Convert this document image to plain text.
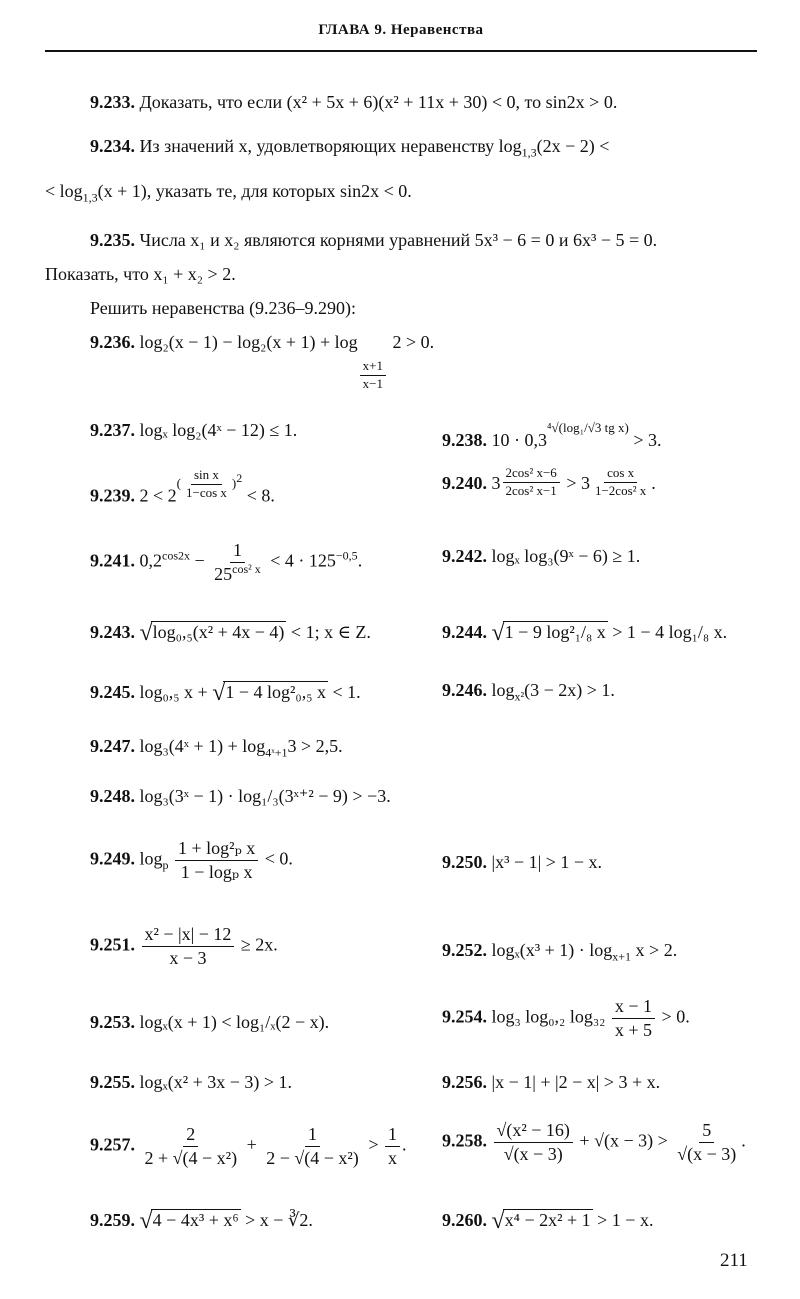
ГЛАВА 9. Неравенства
9.233. Доказать, что если (x² + 5x + 6)(x² + 11x + 30) < 0, то sin2x > 0.
9.234. Из значений x, удовлетворяющих неравенству $\log_{1,3}(2x - 2)$ <
< $\log_{1,3}(x + 1)$, указать те, для которых sin2x < 0.
9.235. Числа x₁ и x₂ являются корнями уравнений 5x³ − 6 = 0 и 6x³ − 5 = 0.
Показать, что x₁ + x₂ > 2.
Решить неравенства (9.236–9.290):
9.236. log₂(x − 1) − log₂(x + 1) + log
$\frac{x+1}{x-1}$
2 > 0.
9.237. logₓ log₂(4ˣ − 12) ≤ 1.	9.238. 10 · 0,3⁴√(log₁/√3 tg x) > 3.
9.239. $2 < 2( \frac{\text{sin x}}{\text{1−cos x}} )^2 < 8$.
9.240. $3 \frac{\text{2cos² x−6}}{\text{2cos² x−1}} > 3 \frac{\text{cos x}}{\text{1−2cos² x}}$ .
9.241. $0,2^{cos2x} - \frac{1}{25^{cos^2 x}} < 4 \cdot 125^{-0,5}$.	9.242. logₓ log₃(9ˣ − 6) ≥ 1.
9.243. √log₀,₅(x² + 4x − 4) < 1; x ∈ Z.	9.244. √1 − 9 log²₁/₈ x > 1 − 4 log₁/₈ x.
9.245. log₀,₅ x + √1 − 4 log²₀,₅ x < 1.	9.246. $\log_{x^2}(3 - 2x) > 1$.
9.247. log₃(4ˣ + $1) + \log_{4ˣ+1}3 > 2,5$.
9.248. log₃(3ˣ − 1) · log₁/₃(3ˣ⁺² − 9) > −3.
9.249. $\log_p \frac{\text{1 + log²ₚ x}}{\text{1 − logₚ x}} < 0$.	9.250. |x³ − 1| > 1 − x.
9.251. $\frac{\text{x² − |x| − 12}}{x - 3} \ge 2x$.	9.252. $\log_x(x^3 + 1) \cdot \log_{x+1} x > 2$.
9.253. logₓ(x + 1) < log₁/ₓ(2 − x).	9.254. log₃ log₀,₂ $\log_{32} \frac{x - 1}{x + 5} > 0$.
9.255. logₓ(x² + 3x − 3) > 1.	9.256. |x − 1| + |2 − x| > 3 + x.
9.257. $\frac{2}{\text{2 + √(4 − x²)}} + \frac{1}{\text{2 − √(4 − x²)}} > \frac{1}{x}$ . 9.258. $\frac{\text{√(x² − 16)}}{√(x - 3)} + √(x - 3) > \frac{5}{√(x - 3)}$ .
9.259. √4 − 4x³ + x⁶ > x − ∛2.	9.260. √x⁴ − 2x² + 1 > 1 − x.
211
